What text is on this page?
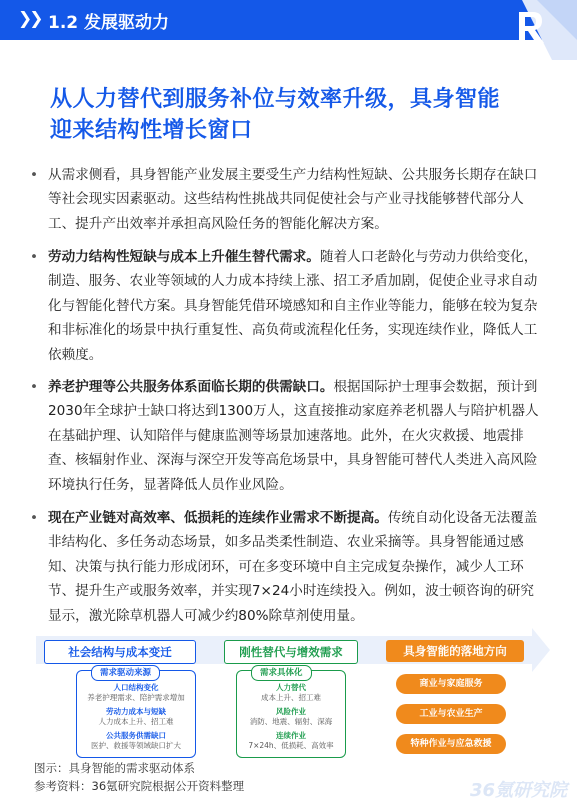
❯❯ 1.2 发展驱动力
从人力替代到服务补位与效率升级，具身智能
迎来结构性增长窗口
• 从需求侧看，具身智能产业发展主要受生产力结构性短缺、公共服务长期存在缺口等社会现实因素驱动。这些结构性挑战共同促使社会与产业寻找能够替代部分人工、提升产出效率并承担高风险任务的智能化解决方案。
• 劳动力结构性短缺与成本上升催生替代需求。随着人口老龄化与劳动力供给变化，制造、服务、农业等领域的人力成本持续上涨、招工矛盾加剧，促使企业寻求自动化与智能化替代方案。具身智能凭借环境感知和自主作业等能力，能够在较为复杂和非标准化的场景中执行重复性、高负荷或流程化任务，实现连续作业，降低人工依赖度。
• 养老护理等公共服务体系面临长期的供需缺口。根据国际护士理事会数据，预计到2030年全球护士缺口将达到1300万人，这直接推动家庭养老机器人与陪护机器人在基础护理、认知陪伴与健康监测等场景加速落地。此外，在火灾救援、地震排查、核辐射作业、深海与深空开发等高危场景中，具身智能可替代人类进入高风险环境执行任务，显著降低人员作业风险。
• 现在产业链对高效率、低损耗的连续作业需求不断提高。传统自动化设备无法覆盖非结构化、多任务动态场景，如多品类柔性制造、农业采摘等。具身智能通过感知、决策与执行能力形成闭环，可在多变环境中自主完成复杂操作，减少人工环节、提升生产或服务效率，并实现7×24小时连续投入。例如，波士顿咨询的研究显示，激光除草机器人可减少约80%除草剂使用量。
社会结构与成本变迁	刚性替代与增效需求	具身智能的落地方向
需求驱动来源
人口结构变化
养老护理需求、陪护需求增加
劳动力成本与短缺
人力成本上升、招工难
公共服务供需缺口
医护、救援等领域缺口扩大
需求具体化
人力替代
成本上升、招工难
风险作业
消防、地震、辐射、深海
连续作业
7×24h、低损耗、高效率
商业与家庭服务
工业与农业生产
特种作业与应急救援
图示：具身智能的需求驱动体系
参考资料：36氪研究院根据公开资料整理	36氪研究院
